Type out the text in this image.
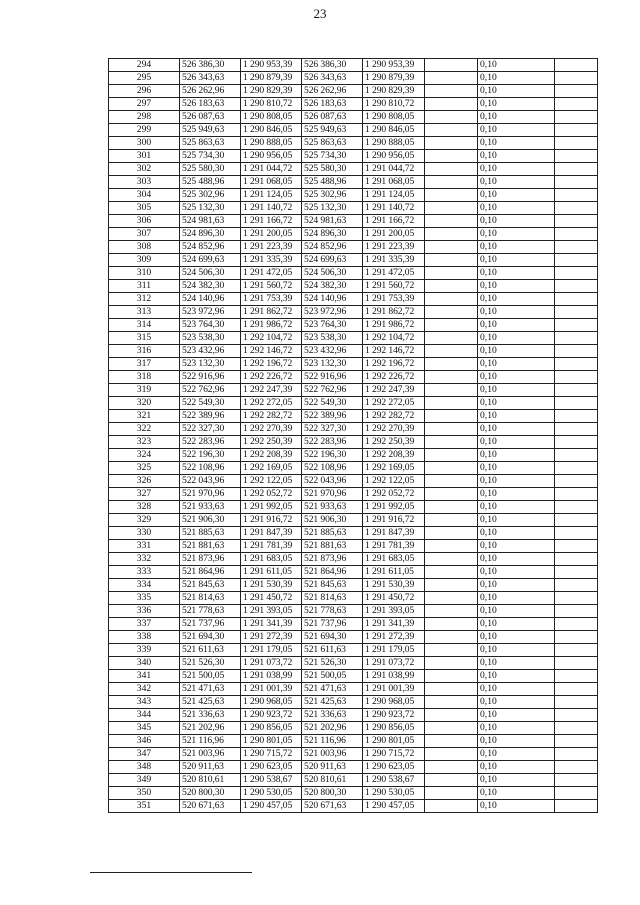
23
294	526 386,30	1 290 953,39	526 386,30	1 290 953,39		0,10	
295	526 343,63	1 290 879,39	526 343,63	1 290 879,39		0,10	
296	526 262,96	1 290 829,39	526 262,96	1 290 829,39		0,10	
297	526 183,63	1 290 810,72	526 183,63	1 290 810,72		0,10	
298	526 087,63	1 290 808,05	526 087,63	1 290 808,05		0,10	
299	525 949,63	1 290 846,05	525 949,63	1 290 846,05		0,10	
300	525 863,63	1 290 888,05	525 863,63	1 290 888,05		0,10	
301	525 734,30	1 290 956,05	525 734,30	1 290 956,05		0,10	
302	525 580,30	1 291 044,72	525 580,30	1 291 044,72		0,10	
303	525 488,96	1 291 068,05	525 488,96	1 291 068,05		0,10	
304	525 302,96	1 291 124,05	525 302,96	1 291 124,05		0,10	
305	525 132,30	1 291 140,72	525 132,30	1 291 140,72		0,10	
306	524 981,63	1 291 166,72	524 981,63	1 291 166,72		0,10	
307	524 896,30	1 291 200,05	524 896,30	1 291 200,05		0,10	
308	524 852,96	1 291 223,39	524 852,96	1 291 223,39		0,10	
309	524 699,63	1 291 335,39	524 699,63	1 291 335,39		0,10	
310	524 506,30	1 291 472,05	524 506,30	1 291 472,05		0,10	
311	524 382,30	1 291 560,72	524 382,30	1 291 560,72		0,10	
312	524 140,96	1 291 753,39	524 140,96	1 291 753,39		0,10	
313	523 972,96	1 291 862,72	523 972,96	1 291 862,72		0,10	
314	523 764,30	1 291 986,72	523 764,30	1 291 986,72		0,10	
315	523 538,30	1 292 104,72	523 538,30	1 292 104,72		0,10	
316	523 432,96	1 292 146,72	523 432,96	1 292 146,72		0,10	
317	523 132,30	1 292 196,72	523 132,30	1 292 196,72		0,10	
318	522 916,96	1 292 226,72	522 916,96	1 292 226,72		0,10	
319	522 762,96	1 292 247,39	522 762,96	1 292 247,39		0,10	
320	522 549,30	1 292 272,05	522 549,30	1 292 272,05		0,10	
321	522 389,96	1 292 282,72	522 389,96	1 292 282,72		0,10	
322	522 327,30	1 292 270,39	522 327,30	1 292 270,39		0,10	
323	522 283,96	1 292 250,39	522 283,96	1 292 250,39		0,10	
324	522 196,30	1 292 208,39	522 196,30	1 292 208,39		0,10	
325	522 108,96	1 292 169,05	522 108,96	1 292 169,05		0,10	
326	522 043,96	1 292 122,05	522 043,96	1 292 122,05		0,10	
327	521 970,96	1 292 052,72	521 970,96	1 292 052,72		0,10	
328	521 933,63	1 291 992,05	521 933,63	1 291 992,05		0,10	
329	521 906,30	1 291 916,72	521 906,30	1 291 916,72		0,10	
330	521 885,63	1 291 847,39	521 885,63	1 291 847,39		0,10	
331	521 881,63	1 291 781,39	521 881,63	1 291 781,39		0,10	
332	521 873,96	1 291 683,05	521 873,96	1 291 683,05		0,10	
333	521 864,96	1 291 611,05	521 864,96	1 291 611,05		0,10	
334	521 845,63	1 291 530,39	521 845,63	1 291 530,39		0,10	
335	521 814,63	1 291 450,72	521 814,63	1 291 450,72		0,10	
336	521 778,63	1 291 393,05	521 778,63	1 291 393,05		0,10	
337	521 737,96	1 291 341,39	521 737,96	1 291 341,39		0,10	
338	521 694,30	1 291 272,39	521 694,30	1 291 272,39		0,10	
339	521 611,63	1 291 179,05	521 611,63	1 291 179,05		0,10	
340	521 526,30	1 291 073,72	521 526,30	1 291 073,72		0,10	
341	521 500,05	1 291 038,99	521 500,05	1 291 038,99		0,10	
342	521 471,63	1 291 001,39	521 471,63	1 291 001,39		0,10	
343	521 425,63	1 290 968,05	521 425,63	1 290 968,05		0,10	
344	521 336,63	1 290 923,72	521 336,63	1 290 923,72		0,10	
345	521 202,96	1 290 856,05	521 202,96	1 290 856,05		0,10	
346	521 116,96	1 290 801,05	521 116,96	1 290 801,05		0,10	
347	521 003,96	1 290 715,72	521 003,96	1 290 715,72		0,10	
348	520 911,63	1 290 623,05	520 911,63	1 290 623,05		0,10	
349	520 810,61	1 290 538,67	520 810,61	1 290 538,67		0,10	
350	520 800,30	1 290 530,05	520 800,30	1 290 530,05		0,10	
351	520 671,63	1 290 457,05	520 671,63	1 290 457,05		0,10	
